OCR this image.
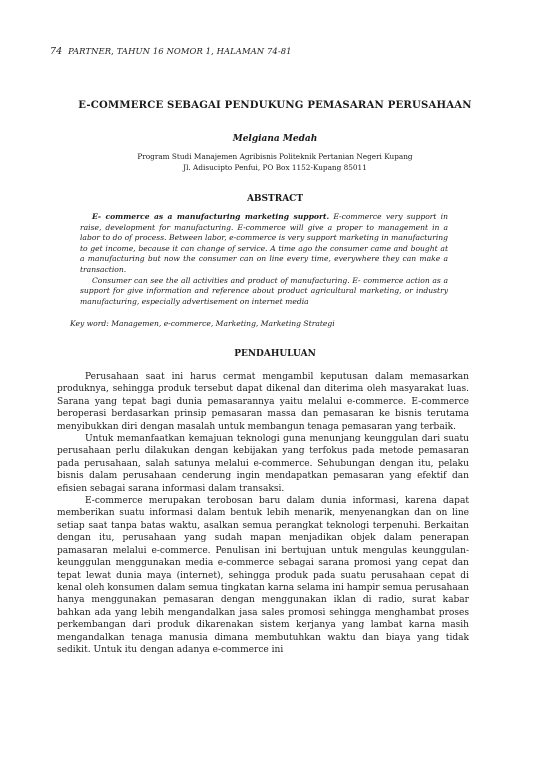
74 PARTNER, TAHUN 16 NOMOR 1, HALAMAN 74-81
E-COMMERCE SEBAGAI PENDUKUNG PEMASARAN PERUSAHAAN
Melgiana Medah
Program Studi Manajemen Agribisnis Politeknik Pertanian Negeri Kupang
Jl. Adisucipto Penfui, PO Box 1152-Kupang 85011
ABSTRACT

E- commerce as a manufacturing marketing support. E-commerce very support in raise, development for manufacturing. E-commerce will give a proper to management in a labor to do of process. Between labor, e-commerce is very support marketing in manufacturing to get income, because it can change of service. A time ago the consumer came and bought at a manufacturing but now the consumer can on line every time, everywhere they can make a transaction.

Consumer can see the all activities and product of manufacturing. E- commerce action as a support for give information and reference about product agricultural marketing, or industry manufacturing, especially advertisement on internet media

Key word: Managemen, e-commerce, Marketing, Marketing Strategi
PENDAHULUAN

Perusahaan saat ini harus cermat mengambil keputusan dalam memasarkan produknya, sehingga produk tersebut dapat dikenal dan diterima oleh masyarakat luas. Sarana yang tepat bagi dunia pemasarannya yaitu melalui e-commerce. E-commerce beroperasi berdasarkan prinsip pemasaran massa dan pemasaran ke bisnis terutama menyibukkan diri dengan masalah untuk membangun tenaga pemasaran yang terbaik.

Untuk memanfaatkan kemajuan teknologi guna menunjang keunggulan dari suatu perusahaan perlu dilakukan dengan kebijakan yang terfokus pada metode pemasaran pada perusahaan, salah satunya melalui e-commerce. Sehubungan dengan itu, pelaku bisnis dalam perusahaan cenderung ingin mendapatkan pemasaran yang efektif dan efisien sebagai sarana informasi dalam transaksi.

E-commerce merupakan terobosan baru dalam dunia informasi, karena dapat memberikan suatu informasi dalam bentuk lebih menarik, menyenangkan dan on line setiap saat tanpa batas waktu, asalkan semua perangkat teknologi terpenuhi. Berkaitan dengan itu, perusahaan yang sudah mapan menjadikan objek dalam penerapan pamasaran melalui e-commerce. Penulisan ini bertujuan untuk mengulas keunggulan-keunggulan menggunakan media e-commerce sebagai sarana promosi yang cepat dan tepat lewat dunia maya (internet), sehingga produk pada suatu perusahaan cepat di kenal oleh konsumen dalam semua tingkatan karna selama ini hampir semua perusahaan hanya menggunakan pemasaran dengan menggunakan iklan di radio, surat kabar bahkan ada yang lebih mengandalkan jasa sales promosi sehingga menghambat proses perkembangan dari produk dikarenakan sistem kerjanya yang lambat karna masih mengandalkan tenaga manusia dimana membutuhkan waktu dan biaya yang tidak sedikit. Untuk itu dengan adanya e-commerce ini
